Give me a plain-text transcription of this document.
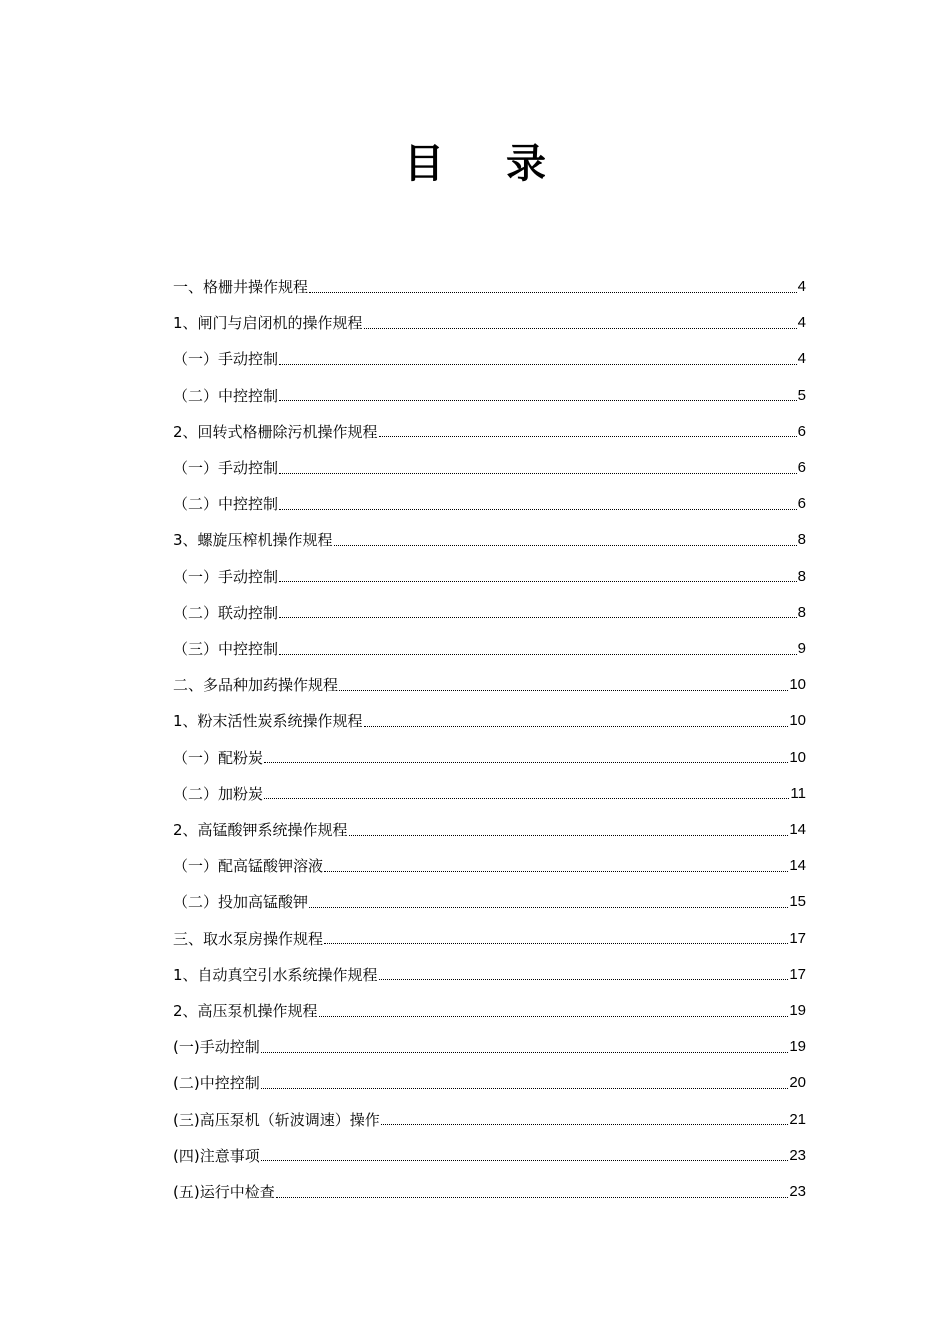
目 录
一、格栅井操作规程	4
1、闸门与启闭机的操作规程	4
（一）手动控制	4
（二）中控控制	5
2、回转式格栅除污机操作规程	6
（一）手动控制	6
（二）中控控制	6
3、螺旋压榨机操作规程	8
（一）手动控制	8
（二）联动控制	8
（三）中控控制	9
二、多品种加药操作规程	10
1、粉末活性炭系统操作规程	10
（一）配粉炭	10
（二）加粉炭	11
2、高锰酸钾系统操作规程	14
（一）配高锰酸钾溶液	14
（二）投加高锰酸钾	15
三、取水泵房操作规程	17
1、自动真空引水系统操作规程	17
2、高压泵机操作规程	19
(一)手动控制	19
(二)中控控制	20
(三)高压泵机（斩波调速）操作	21
(四)注意事项	23
(五)运行中检查	23
